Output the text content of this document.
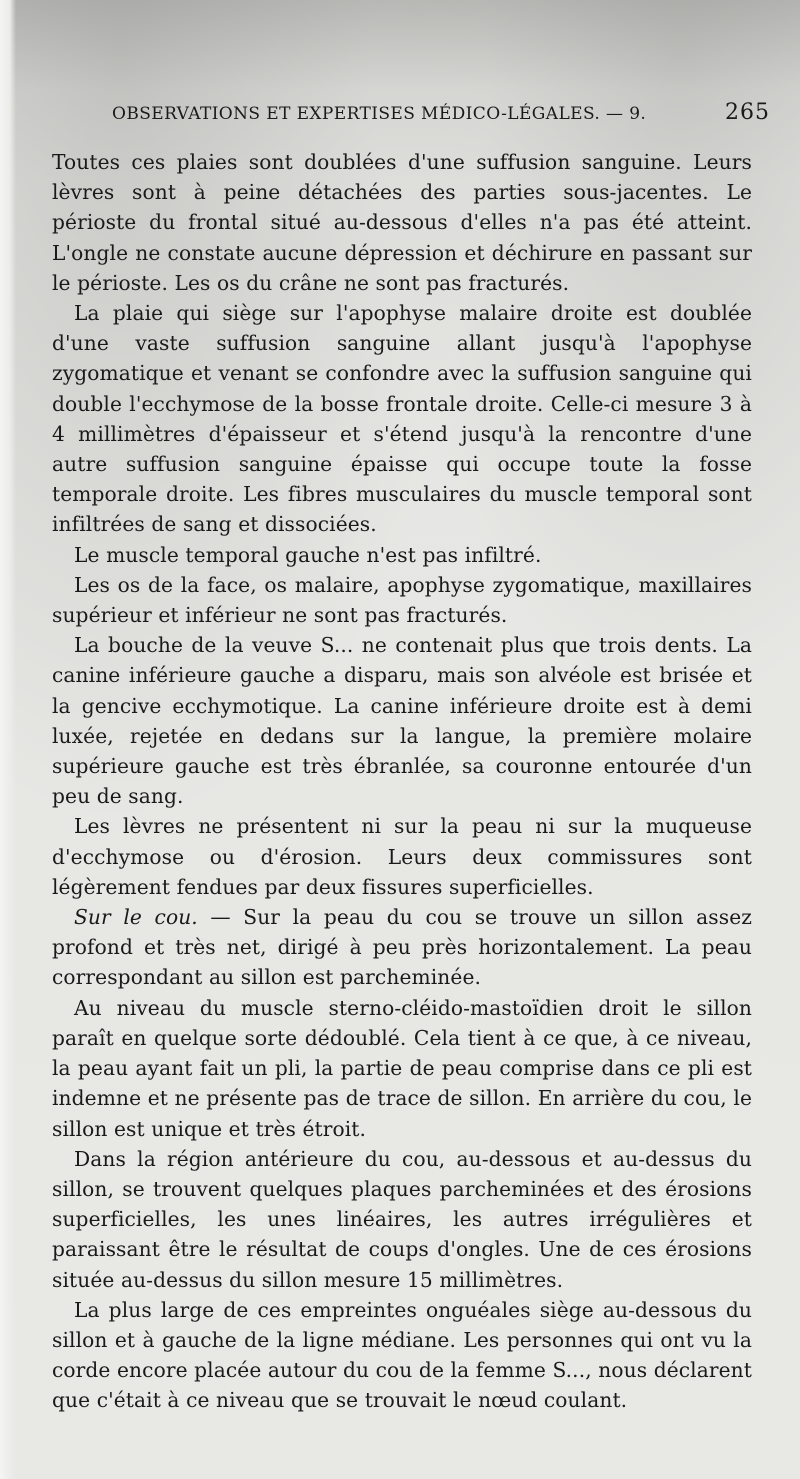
OBSERVATIONS ET EXPERTISES MÉDICO-LÉGALES. — 9.	265

Toutes ces plaies sont doublées d'une suffusion sanguine. Leurs lèvres sont à peine détachées des parties sous-jacentes. Le périoste du frontal situé au-dessous d'elles n'a pas été atteint. L'ongle ne constate aucune dépression et déchirure en passant sur le périoste. Les os du crâne ne sont pas fracturés.

La plaie qui siège sur l'apophyse malaire droite est doublée d'une vaste suffusion sanguine allant jusqu'à l'apophyse zygomatique et venant se confondre avec la suffusion sanguine qui double l'ecchymose de la bosse frontale droite. Celle-ci mesure 3 à 4 millimètres d'épaisseur et s'étend jusqu'à la rencontre d'une autre suffusion sanguine épaisse qui occupe toute la fosse temporale droite. Les fibres musculaires du muscle temporal sont infiltrées de sang et dissociées.

Le muscle temporal gauche n'est pas infiltré.

Les os de la face, os malaire, apophyse zygomatique, maxillaires supérieur et inférieur ne sont pas fracturés.

La bouche de la veuve S... ne contenait plus que trois dents. La canine inférieure gauche a disparu, mais son alvéole est brisée et la gencive ecchymotique. La canine inférieure droite est à demi luxée, rejetée en dedans sur la langue, la première molaire supérieure gauche est très ébranlée, sa couronne entourée d'un peu de sang.

Les lèvres ne présentent ni sur la peau ni sur la muqueuse d'ecchymose ou d'érosion. Leurs deux commissures sont légèrement fendues par deux fissures superficielles.

Sur le cou. — Sur la peau du cou se trouve un sillon assez profond et très net, dirigé à peu près horizontalement. La peau correspondant au sillon est parcheminée.

Au niveau du muscle sterno-cléido-mastoïdien droit le sillon paraît en quelque sorte dédoublé. Cela tient à ce que, à ce niveau, la peau ayant fait un pli, la partie de peau comprise dans ce pli est indemne et ne présente pas de trace de sillon. En arrière du cou, le sillon est unique et très étroit.

Dans la région antérieure du cou, au-dessous et au-dessus du sillon, se trouvent quelques plaques parcheminées et des érosions superficielles, les unes linéaires, les autres irrégulières et paraissant être le résultat de coups d'ongles. Une de ces érosions située au-dessus du sillon mesure 15 millimètres.

La plus large de ces empreintes onguéales siège au-dessous du sillon et à gauche de la ligne médiane. Les personnes qui ont vu la corde encore placée autour du cou de la femme S..., nous déclarent que c'était à ce niveau que se trouvait le nœud coulant.
